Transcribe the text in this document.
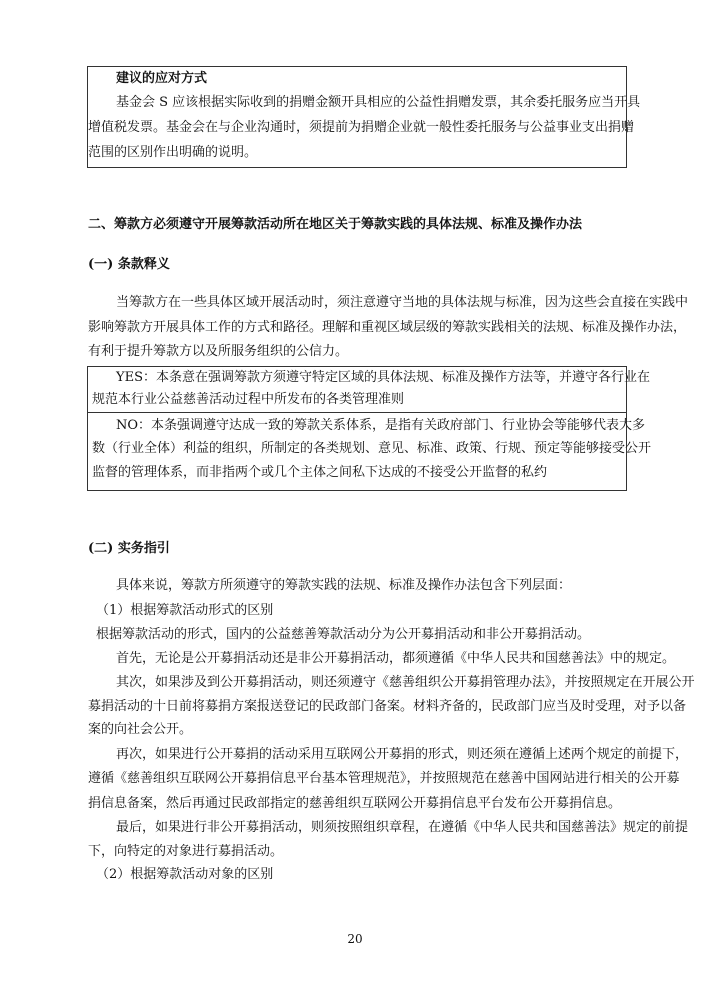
建议的应对方式
基金会 S 应该根据实际收到的捐赠金额开具相应的公益性捐赠发票，其余委托服务应当开具
增值税发票。基金会在与企业沟通时，须提前为捐赠企业就一般性委托服务与公益事业支出捐赠
范围的区别作出明确的说明。
二、筹款方必须遵守开展筹款活动所在地区关于筹款实践的具体法规、标准及操作办法
(一) 条款释义
当筹款方在一些具体区域开展活动时，须注意遵守当地的具体法规与标准，因为这些会直接在实践中
影响筹款方开展具体工作的方式和路径。理解和重视区域层级的筹款实践相关的法规、标准及操作办法，
有利于提升筹款方以及所服务组织的公信力。
YES：本条意在强调筹款方须遵守特定区域的具体法规、标准及操作方法等，并遵守各行业在
规范本行业公益慈善活动过程中所发布的各类管理准则
NO：本条强调遵守达成一致的筹款关系体系，是指有关政府部门、行业协会等能够代表大多
数（行业全体）利益的组织，所制定的各类规划、意见、标准、政策、行规、预定等能够接受公开
监督的管理体系，而非指两个或几个主体之间私下达成的不接受公开监督的私约
(二) 实务指引
具体来说，筹款方所须遵守的筹款实践的法规、标准及操作办法包含下列层面：
（1）根据筹款活动形式的区别
根据筹款活动的形式，国内的公益慈善筹款活动分为公开募捐活动和非公开募捐活动。
首先，无论是公开募捐活动还是非公开募捐活动，都须遵循《中华人民共和国慈善法》中的规定。
其次，如果涉及到公开募捐活动，则还须遵守《慈善组织公开募捐管理办法》，并按照规定在开展公开
募捐活动的十日前将募捐方案报送登记的民政部门备案。材料齐备的，民政部门应当及时受理，对予以备
案的向社会公开。
再次，如果进行公开募捐的活动采用互联网公开募捐的形式，则还须在遵循上述两个规定的前提下，
遵循《慈善组织互联网公开募捐信息平台基本管理规范》，并按照规范在慈善中国网站进行相关的公开募
捐信息备案，然后再通过民政部指定的慈善组织互联网公开募捐信息平台发布公开募捐信息。
最后，如果进行非公开募捐活动，则须按照组织章程，在遵循《中华人民共和国慈善法》规定的前提
下，向特定的对象进行募捐活动。
（2）根据筹款活动对象的区别
20
